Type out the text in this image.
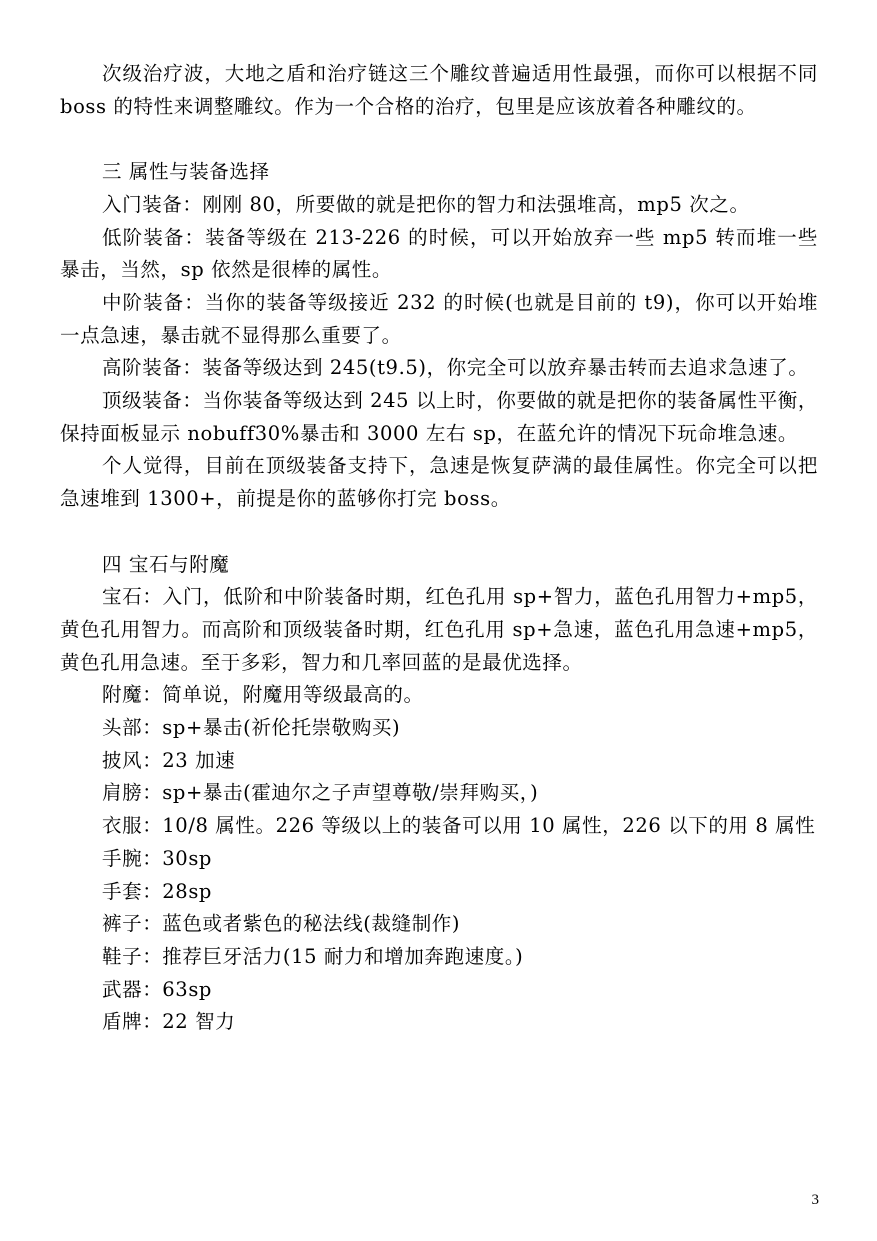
次级治疗波，大地之盾和治疗链这三个雕纹普遍适用性最强，而你可以根据不同 boss 的特性来调整雕纹。作为一个合格的治疗，包里是应该放着各种雕纹的。

三 属性与装备选择

入门装备：刚刚 80，所要做的就是把你的智力和法强堆高，mp5 次之。

低阶装备：装备等级在 213-226 的时候，可以开始放弃一些 mp5 转而堆一些暴击，当然，sp 依然是很棒的属性。

中阶装备：当你的装备等级接近 232 的时候(也就是目前的 t9)，你可以开始堆一点急速，暴击就不显得那么重要了。

高阶装备：装备等级达到 245(t9.5)，你完全可以放弃暴击转而去追求急速了。

顶级装备：当你装备等级达到 245 以上时，你要做的就是把你的装备属性平衡，保持面板显示 nobuff30%暴击和 3000 左右 sp，在蓝允许的情况下玩命堆急速。

个人觉得，目前在顶级装备支持下，急速是恢复萨满的最佳属性。你完全可以把急速堆到 1300+，前提是你的蓝够你打完 boss。

四 宝石与附魔

宝石：入门，低阶和中阶装备时期，红色孔用 sp+智力，蓝色孔用智力+mp5，黄色孔用智力。而高阶和顶级装备时期，红色孔用 sp+急速，蓝色孔用急速+mp5，黄色孔用急速。至于多彩，智力和几率回蓝的是最优选择。

附魔：简单说，附魔用等级最高的。

头部：sp+暴击(祈伦托崇敬购买)

披风：23 加速

肩膀：sp+暴击(霍迪尔之子声望尊敬/崇拜购买，)

衣服：10/8 属性。226 等级以上的装备可以用 10 属性，226 以下的用 8 属性

手腕：30sp

手套：28sp

裤子：蓝色或者紫色的秘法线(裁缝制作)

鞋子：推荐巨牙活力(15 耐力和增加奔跑速度。)

武器：63sp

盾牌：22 智力

3
